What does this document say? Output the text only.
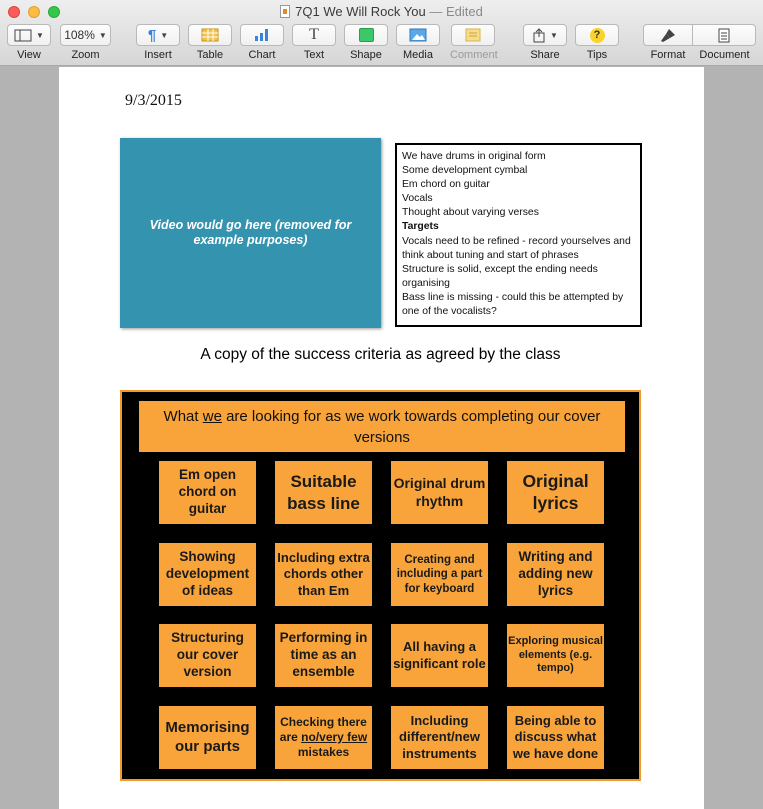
7Q1 We Will Rock You — Edited
▼
View
108% ▼
Zoom
¶ ▼
Insert	Table	Chart
T
Text	Shape	Media	Comment
▼
Share
?
Tips	Format	Document
9/3/2015
Video would go here (removed for example purposes)
We have drums in original form
Some development cymbal
Em chord on guitar
Vocals
Thought about varying verses
Targets
Vocals need to be refined - record yourselves and think about tuning and start of phrases
Structure is solid, except the ending needs organising
Bass line is missing - could this be attempted by one of the vocalists?
A copy of the success criteria as agreed by the class
What we are looking for as we work towards completing our cover versions
Em open chord on guitar
Suitable bass line
Original drum rhythm
Original lyrics
Showing development of ideas
Including extra chords other than Em
Creating and including a part for keyboard
Writing and adding new lyrics
Structuring our cover version
Performing in time as an ensemble
All having a significant role
Exploring musical elements (e.g. tempo)
Memorising our parts
Checking there are no/very few mistakes
Including different/new instruments
Being able to discuss what we have done
